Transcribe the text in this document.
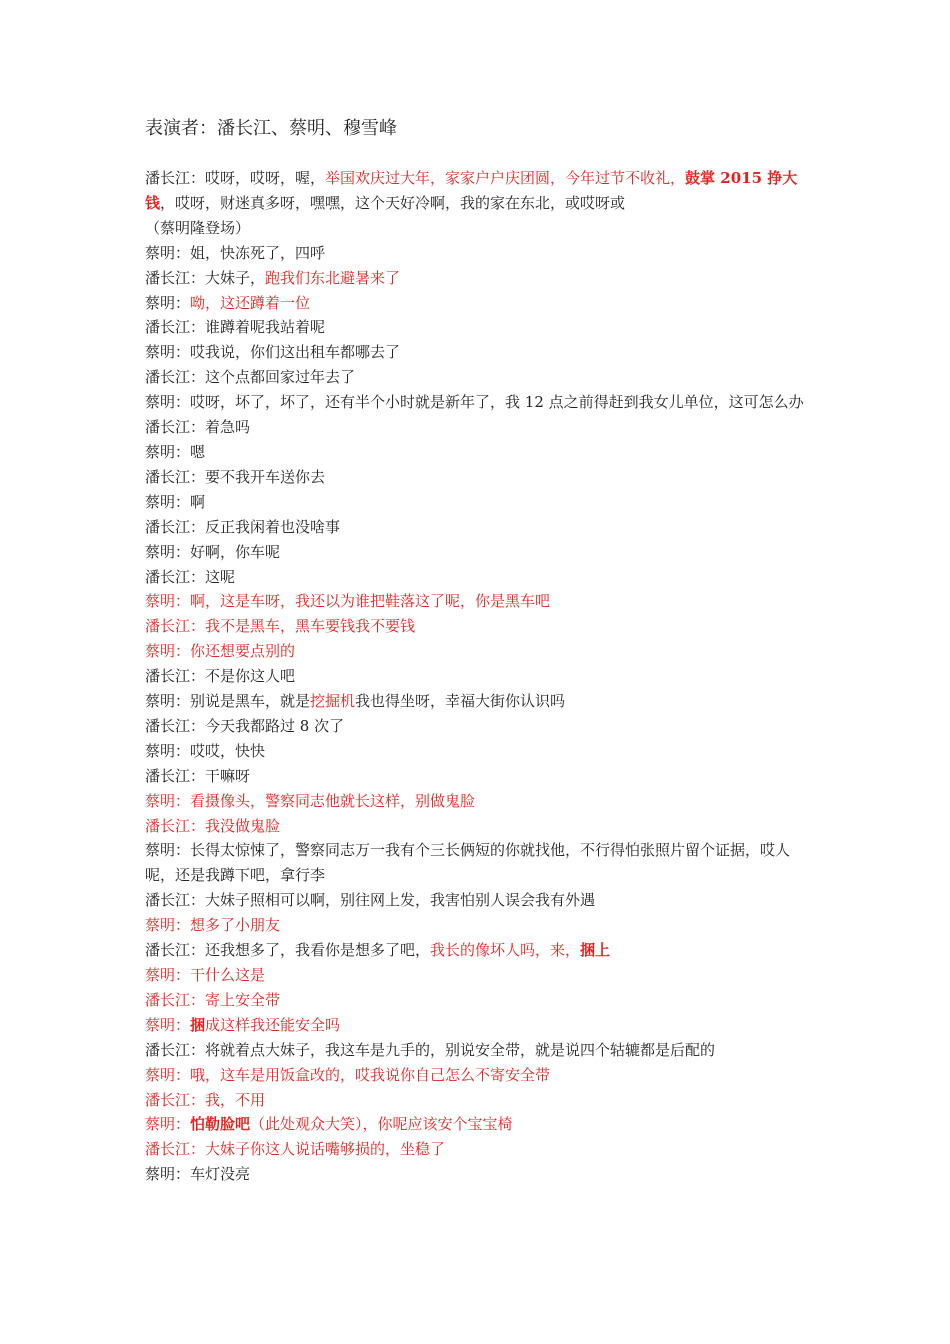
表演者：潘长江、蔡明、穆雪峰
潘长江：哎呀，哎呀，喔，举国欢庆过大年，家家户户庆团圆，今年过节不收礼，鼓掌 2015 挣大钱，哎呀，财迷真多呀，嘿嘿，这个天好冷啊，我的家在东北，或哎呀或
（蔡明隆登场）
蔡明：姐，快冻死了，四呼
潘长江：大妹子，跑我们东北避暑来了
蔡明：呦，这还蹲着一位
潘长江：谁蹲着呢我站着呢
蔡明：哎我说，你们这出租车都哪去了
潘长江：这个点都回家过年去了
蔡明：哎呀，坏了，坏了，还有半个小时就是新年了，我 12 点之前得赶到我女儿单位，这可怎么办
潘长江：着急吗
蔡明：嗯
潘长江：要不我开车送你去
蔡明：啊
潘长江：反正我闲着也没啥事
蔡明：好啊，你车呢
潘长江：这呢
蔡明：啊，这是车呀，我还以为谁把鞋落这了呢，你是黑车吧
潘长江：我不是黑车，黑车要钱我不要钱
蔡明：你还想要点别的
潘长江：不是你这人吧
蔡明：别说是黑车，就是挖掘机我也得坐呀，幸福大街你认识吗
潘长江：今天我都路过 8 次了
蔡明：哎哎，快快
潘长江：干嘛呀
蔡明：看摄像头，警察同志他就长这样，别做鬼脸
潘长江：我没做鬼脸
蔡明：长得太惊悚了，警察同志万一我有个三长俩短的你就找他，不行得怕张照片留个证据，哎人呢，还是我蹲下吧，拿行李
潘长江：大妹子照相可以啊，别往网上发，我害怕别人误会我有外遇
蔡明：想多了小朋友
潘长江：还我想多了，我看你是想多了吧，我长的像坏人吗，来，捆上
蔡明：干什么这是
潘长江：寄上安全带
蔡明：捆成这样我还能安全吗
潘长江：将就着点大妹子，我这车是九手的，别说安全带，就是说四个轱辘都是后配的
蔡明：哦，这车是用饭盒改的，哎我说你自己怎么不寄安全带
潘长江：我，不用
蔡明：怕勒脸吧（此处观众大笑），你呢应该安个宝宝椅
潘长江：大妹子你这人说话嘴够损的，坐稳了
蔡明：车灯没亮
